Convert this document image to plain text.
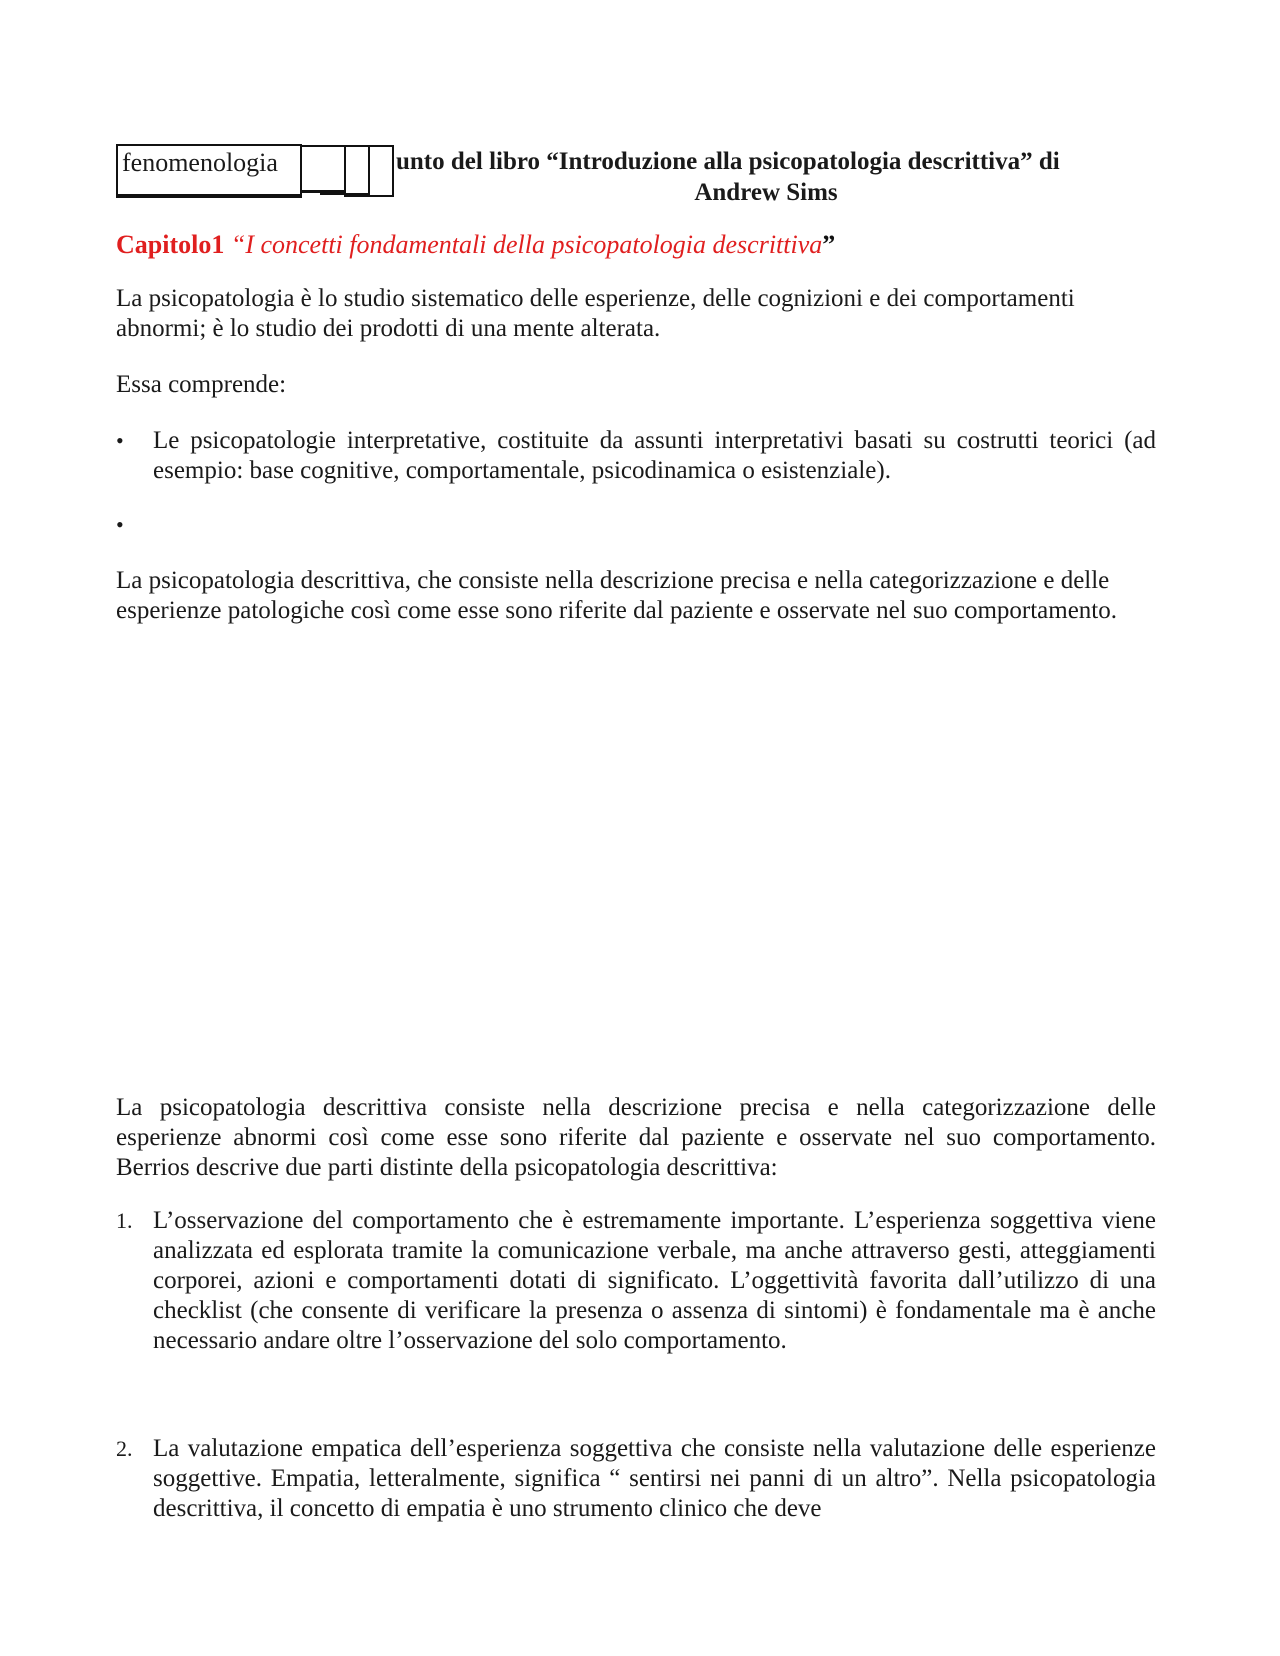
unto del libro “Introduzione alla psicopatologia descrittiva” di
Andrew Sims
fenomenologia

Capitolo1 “I concetti fondamentali della psicopatologia descrittiva”

La psicopatologia è lo studio sistematico delle esperienze, delle cognizioni e dei comportamenti abnormi; è lo studio dei prodotti di una mente alterata.

Essa comprende:

•	Le psicopatologie interpretative, costituite da assunti interpretativi basati su costrutti teorici (ad esempio: base cognitive, comportamentale, psicodinamica o esistenziale).
•

La psicopatologia descrittiva, che consiste nella descrizione precisa e nella categorizzazione e delle esperienze patologiche così come esse sono riferite dal paziente e osservate nel suo comportamento.

La psicopatologia descrittiva consiste nella descrizione precisa e nella categorizzazione delle esperienze abnormi così come esse sono riferite dal paziente e osservate nel suo comportamento. Berrios descrive due parti distinte della psicopatologia descrittiva:

1. L’osservazione del comportamento che è estremamente importante. L’esperienza soggettiva viene analizzata ed esplorata tramite la comunicazione verbale, ma anche attraverso gesti, atteggiamenti corporei, azioni e comportamenti dotati di significato. L’oggettività favorita dall’utilizzo di una checklist (che consente di verificare la presenza o assenza di sintomi) è fondamentale ma è anche necessario andare oltre l’osservazione del solo comportamento.
2. La valutazione empatica dell’esperienza soggettiva che consiste nella valutazione delle esperienze soggettive. Empatia, letteralmente, significa “ sentirsi nei panni di un altro”. Nella psicopatologia descrittiva, il concetto di empatia è uno strumento clinico che deve
